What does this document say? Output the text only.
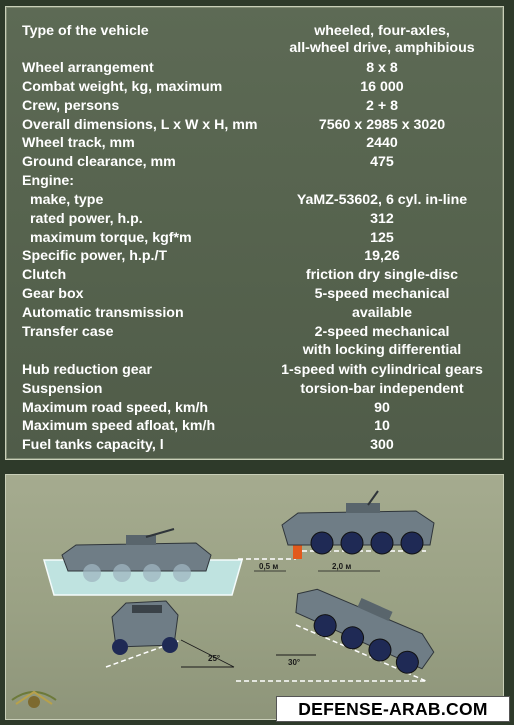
Type of the vehicle	wheeled, four-axles,
all-wheel drive, amphibious
Wheel arrangement	8 x 8
Combat weight, kg, maximum	16 000
Crew, persons	2 + 8
Overall dimensions, L x W x H, mm	7560 x 2985 x 3020
Wheel track, mm	2440
Ground clearance, mm	475
Engine:
make, type	YaMZ-53602, 6 cyl. in-line
rated power, h.p.	312
maximum torque, kgf*m	125
Specific power, h.p./T	19,26
Clutch	friction dry single-disc
Gear box	5-speed mechanical
Automatic transmission	available
Transfer case	2-speed mechanical
with locking differential
Hub reduction gear	1-speed with cylindrical gears
Suspension	torsion-bar independent
Maximum road speed, km/h	90
Maximum speed afloat, km/h	10
Fuel tanks capacity, l	300
0,5 м	2,0 м
25°	30°
DEFENSE-ARAB.COM
